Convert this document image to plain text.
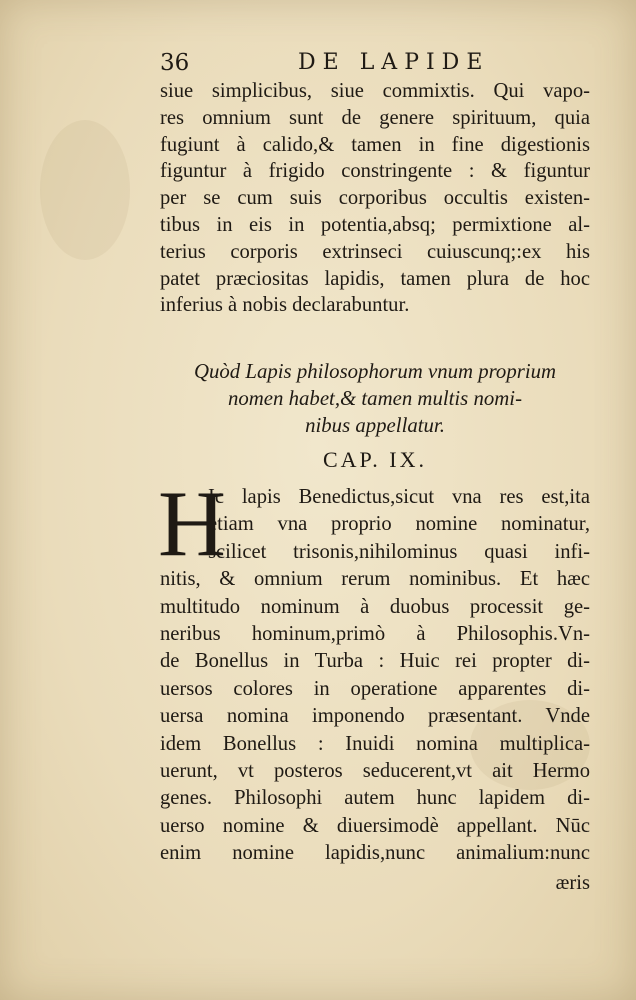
36	DE LAPIDE
siue simplicibus, siue commixtis. Qui vapo-
res omnium sunt de genere spirituum, quia
fugiunt à calido,& tamen in fine digestionis
figuntur à frigido constringente : & figuntur
per se cum suis corporibus occultis existen-
tibus in eis in potentia,absq; permixtione al-
terius corporis extrinseci cuiuscunq;:ex his
patet præciositas lapidis, tamen plura de hoc
inferius à nobis declarabuntur.
Quòd Lapis philosophorum vnum proprium
nomen habet,& tamen multis nomi-
nibus appellatur.
CAP. IX.
H
Ic lapis Benedictus,sicut vna res est,ita
etiam vna proprio nomine nominatur,
scilicet trisonis,nihilominus quasi infi-
nitis, & omnium rerum nominibus. Et hæc
multitudo nominum à duobus processit ge-
neribus hominum,primò à Philosophis.Vn-
de Bonellus in Turba : Huic rei propter di-
uersos colores in operatione apparentes di-
uersa nomina imponendo præsentant. Vnde
idem Bonellus : Inuidi nomina multiplica-
uerunt, vt posteros seducerent,vt ait Hermo
genes. Philosophi autem hunc lapidem di-
uerso nomine & diuersimodè appellant. Nūc
enim nomine lapidis,nunc animalium:nunc
æris
